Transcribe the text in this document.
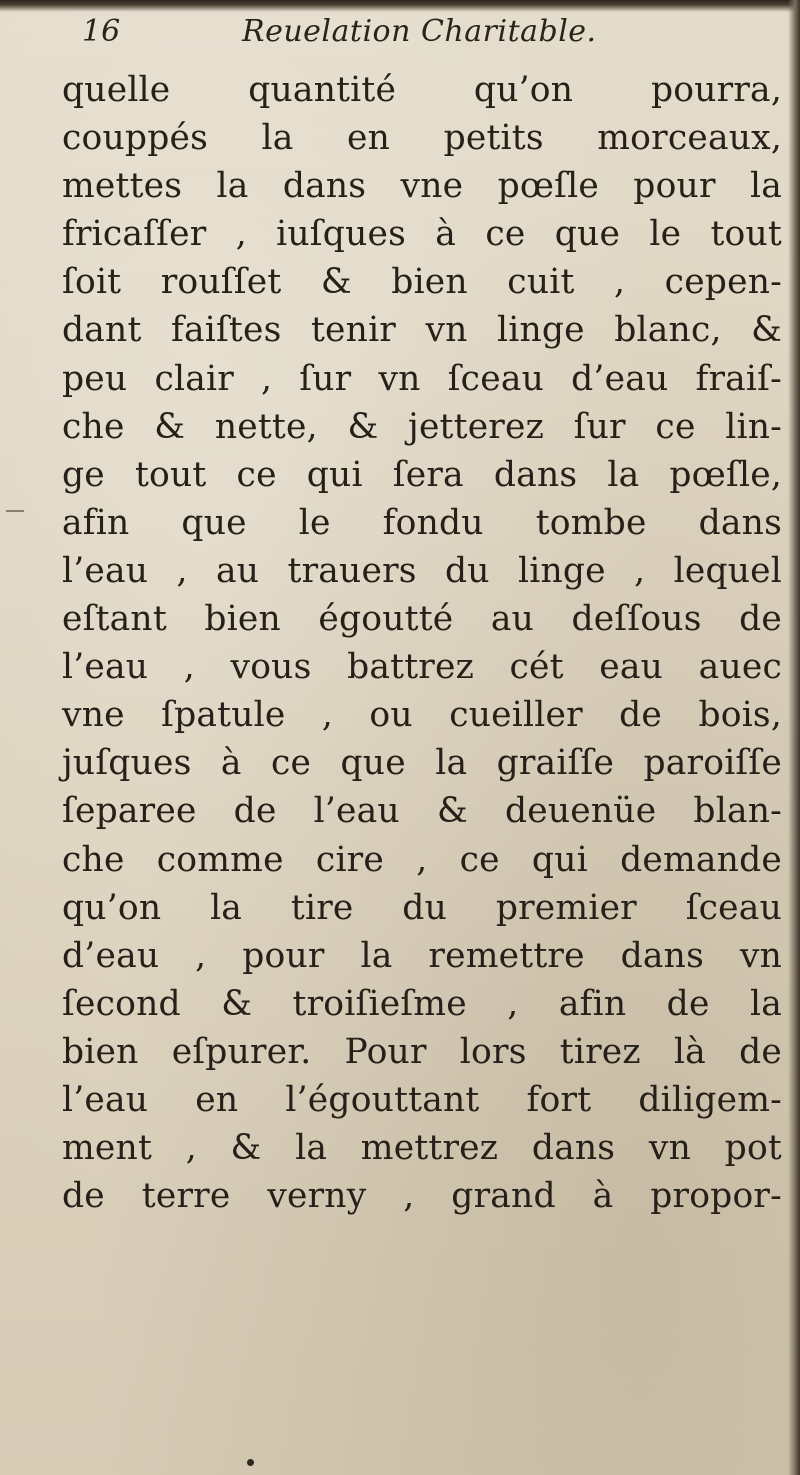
16	Reuelation Charitable.
quelle quantité qu’on pourra,
couppés la en petits morceaux,
mettes la dans vne pœſle pour la
fricaſſer , iuſques à ce que le tout
ſoit rouſſet & bien cuit , cepen-
dant faiſtes tenir vn linge blanc, &
peu clair , ſur vn ſceau d’eau fraiſ-
che & nette, & jetterez ſur ce lin-
ge tout ce qui ſera dans la pœſle,
afin que le fondu tombe dans
l’eau , au trauers du linge , lequel
eſtant bien égoutté au deſſous de
l’eau , vous battrez cét eau auec
vne ſpatule , ou cueiller de bois,
juſques à ce que la graiſſe paroiſſe
ſeparee de l’eau & deuenüe blan-
che comme cire , ce qui demande
qu’on la tire du premier ſceau
d’eau , pour la remettre dans vn
ſecond & troiſieſme , afin de la
bien eſpurer. Pour lors tirez là de
l’eau en l’égouttant fort diligem-
ment , & la mettrez dans vn pot
de terre verny , grand à propor-
